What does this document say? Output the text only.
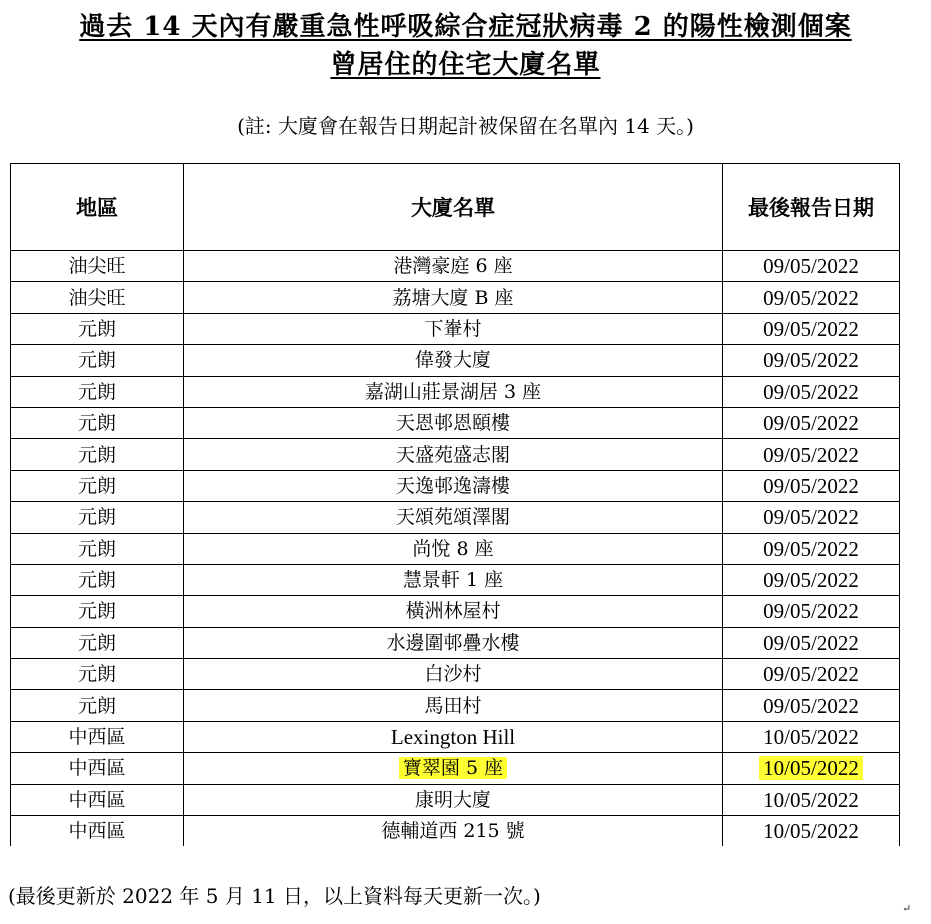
過去 14 天內有嚴重急性呼吸綜合症冠狀病毒 2 的陽性檢測個案
曾居住的住宅大廈名單
(註: 大廈會在報告日期起計被保留在名單內 14 天。)
地區	大廈名單	最後報告日期
油尖旺	港灣豪庭 6 座	09/05/2022
油尖旺	荔塘大廈 B 座	09/05/2022
元朗	下輋村	09/05/2022
元朗	偉發大廈	09/05/2022
元朗	嘉湖山莊景湖居 3 座	09/05/2022
元朗	天恩邨恩頤樓	09/05/2022
元朗	天盛苑盛志閣	09/05/2022
元朗	天逸邨逸濤樓	09/05/2022
元朗	天頌苑頌澤閣	09/05/2022
元朗	尚悅 8 座	09/05/2022
元朗	慧景軒 1 座	09/05/2022
元朗	橫洲林屋村	09/05/2022
元朗	水邊圍邨疊水樓	09/05/2022
元朗	白沙村	09/05/2022
元朗	馬田村	09/05/2022
中西區	Lexington Hill	10/05/2022
中西區	寶翠園 5 座	10/05/2022
中西區	康明大廈	10/05/2022
中西區	德輔道西 215 號	10/05/2022
(最後更新於 2022 年 5 月 11 日，以上資料每天更新一次。)
↵
